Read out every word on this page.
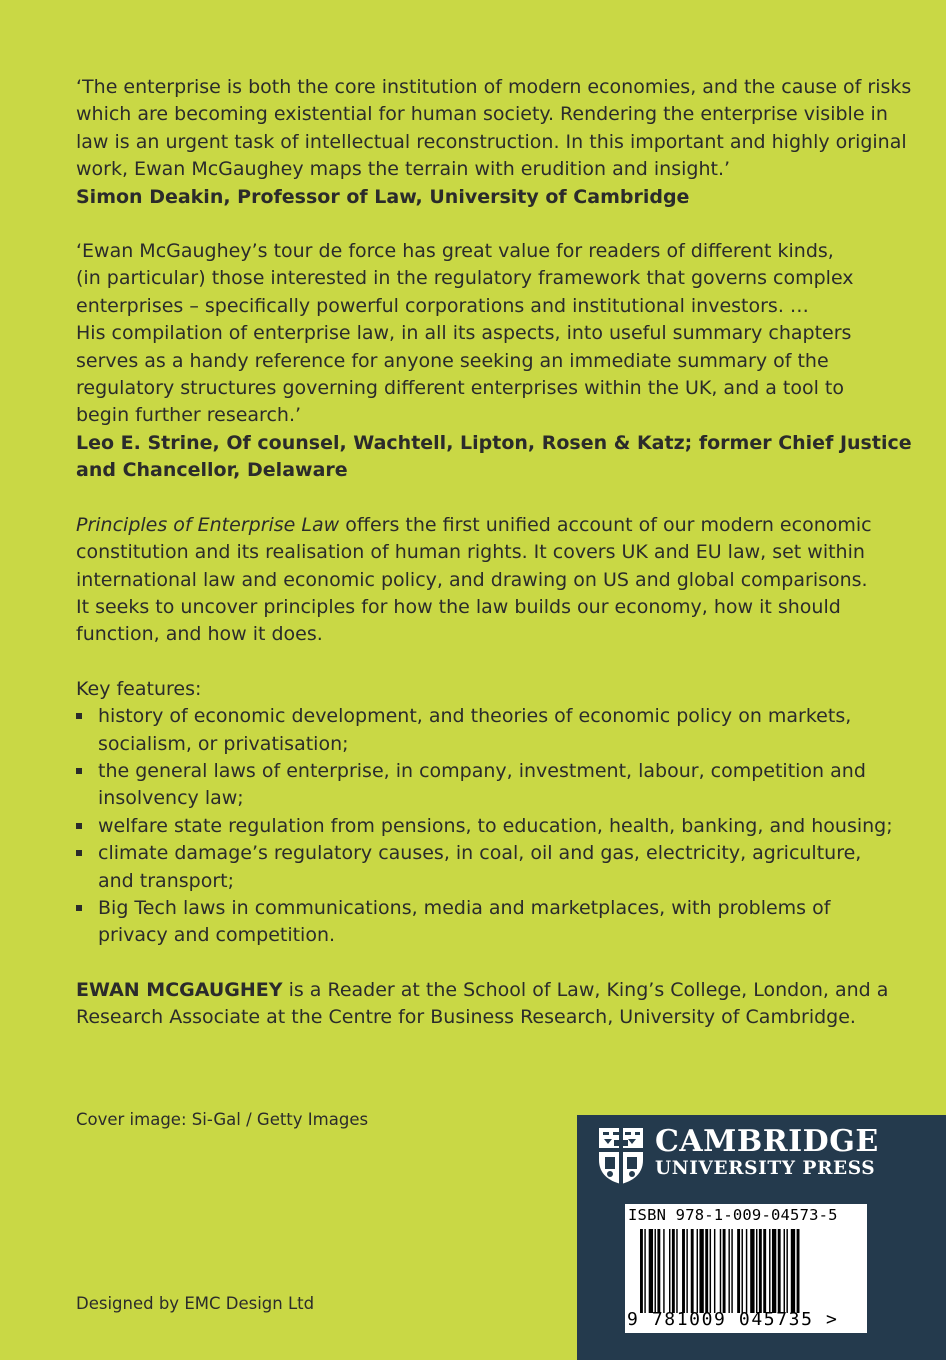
‘The enterprise is both the core institution of modern economies, and the cause of risks

which are becoming existential for human society. Rendering the enterprise visible in

law is an urgent task of intellectual reconstruction. In this important and highly original

work, Ewan McGaughey maps the terrain with erudition and insight.’

Simon Deakin, Professor of Law, University of Cambridge

‘Ewan McGaughey’s tour de force has great value for readers of different kinds,

(in particular) those interested in the regulatory framework that governs complex

enterprises – specifically powerful corporations and institutional investors. …

His compilation of enterprise law, in all its aspects, into useful summary chapters

serves as a handy reference for anyone seeking an immediate summary of the

regulatory structures governing different enterprises within the UK, and a tool to

begin further research.’

Leo E. Strine, Of counsel, Wachtell, Lipton, Rosen & Katz; former Chief Justice

and Chancellor, Delaware

Principles of Enterprise Law offers the first unified account of our modern economic

constitution and its realisation of human rights. It covers UK and EU law, set within

international law and economic policy, and drawing on US and global comparisons.

It seeks to uncover principles for how the law builds our economy, how it should

function, and how it does.

Key features:

history of economic development, and theories of economic policy on markets,
socialism, or privatisation;
the general laws of enterprise, in company, investment, labour, competition and
insolvency law;
welfare state regulation from pensions, to education, health, banking, and housing;
climate damage’s regulatory causes, in coal, oil and gas, electricity, agriculture,
and transport;
Big Tech laws in communications, media and marketplaces, with problems of
privacy and competition.

EWAN MCGAUGHEY is a Reader at the School of Law, King’s College, London, and a

Research Associate at the Centre for Business Research, University of Cambridge.

Cover image: Si-Gal / Getty Images
Designed by EMC Design Ltd
CAMBRIDGE
UNIVERSITY PRESS
ISBN 978-1-009-04573-5
9 781009 045735 >
